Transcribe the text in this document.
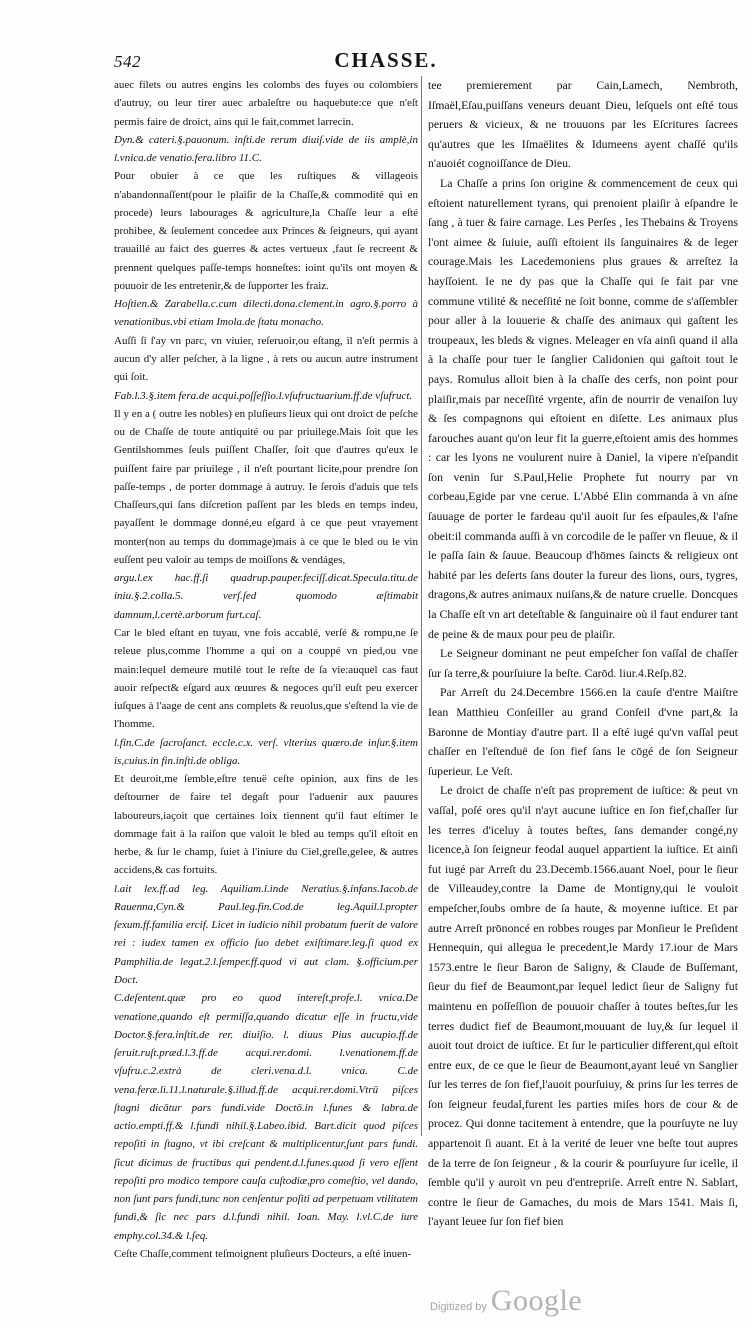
542	CHASSE.

auec filets ou autres engins les colombs des fuyes ou colombiers d'autruy, ou leur tirer auec arbaleſtre ou haquebute:ce que n'eſt permis faire de droict, ains qui le fait,commet larrecin.

Dyn.& cateri.§.pauonum. inſti.de rerum diuiſ.vide de iis amplè,in l.vnica.de venatio.fera.libro 11.C.

Pour obuier à ce que les ruſtiques & villageois n'abandonnaſſent(pour le plaiſir de la Chaſſe,& commodité qui en procede) leurs labourages & agriculture,la Chaſſe leur a eſté prohibee, & ſeulement concedee aux Princes & ſeigneurs, qui ayant trauaillé au faict des guerres & actes vertueux ,faut ſe recreent & prennent quelques paſſe-temps honneſtes: ioint qu'ils ont moyen & pouuoir de les entretenir,& de ſupporter les fraiz.

Hoſtien.& Zarabella.c.cum dilecti.dona.clement.in agro.§.porro à venationibus.vbi etiam Imola.de ſtatu monacho.

Auſſi ſi ſ'ay vn parc, vn viuier, reſeruoir,ou eſtang, il n'eſt permis à aucun d'y aller peſcher, à la ligne , à rets ou aucun autre instrument qui ſoit.

Fab.l.3.§.item fera.de acqui.poſſeſſio.l.vſufructuarium.ff.de vſufruct.

Il y en a ( outre les nobles) en pluſieurs lieux qui ont droict de peſche ou de Chaſſe de toute antiquité ou par priuilege.Mais ſoit que les Gentilshommes ſeuls puiſſent Chaſſer, ſoit que d'autres qu'eux le puiſſent faire par priuilege , il n'eſt pourtant licite,pour prendre ſon paſſe-temps , de porter dommage à autruy. Ie ſerois d'aduis que tels Chaſſeurs,qui ſans diſcretion paſſent par les bleds en temps indeu, payaſſent le dommage donné,eu eſgard à ce que peut vrayement monter(non au temps du dommage)mais à ce que le bled ou le vin euſſent peu valoir au temps de moiſſons & vendáges,

argu.l.ex hac.ff.ſi quadrup.pauper.feciſſ.dicat.Specula.titu.de iniu.§.2.colla.5. verſ.ſed quomodo æſtimabit damnum,l.certè.arborum furt.caſ.

Car le bled eſtant en tuyau, vne fois accablé, verſé & rompu,ne ſe releue plus,comme l'homme a qui on a couppé vn pied,ou vne main:lequel demeure mutilé tout le reſte de ſa vie:auquel cas faut auoir reſpect& eſgard aux œuures & negoces qu'il euſt peu exercer iuſques à l'aage de cent ans complets & reuolus,que s'eſtend la vie de l'homme.

l.fin.C.de ſacroſanct. eccle.c.x. verſ. vlterius quæro.de inſur.§.item is,cuius.in fin.inſti.de obliga.

Et deuroit,me ſemble,eſtre tenuë ceſte opinion, aux fins de les deſtourner de faire tel degaſt pour l'aduenir aux pauures laboureurs,iaçoit que certaines loix tiennent qu'il faut eſtimer le dommage fait à la raiſon que valoit le bled au temps qu'il eſtoit en herbe, & ſur le champ, ſuiet à l'iniure du Ciel,greſle,gelee, & autres accidens,& cas fortuits.

l.ait lex.ff.ad leg. Aquiliam.l.inde Neratius.§.infans.Iacob.de Rauenna,Cyn.& Paul.leg.fin.Cod.de leg.Aquil.l.propter ſexum.ff.familia ercif. Licet in iudicio nihil probatum fuerit de valore rei : iudex tamen ex officio ſuo debet exiſtimare.leg.ſi quod ex Pamphilia.de legat.2.l.ſemper.ff.quod vi aut clam. §.officium.per Doct.

C.deſentent.quæ pro eo quod intereſt,profe.l. vnica.De venatione,quando eſt permiſſa,quando dicatur eſſe in fructu,vide Doctor.§.fera.inſtit.de rer. diuiſio. l. diuus Pius aucupio.ff.de ſeruit.ruſt.præd.l.3.ff.de acqui.rer.domi. l.venationem.ff.de vſufru.c.2.extrà de cleri.vena.d.l. vnica. C.de vena.feræ.li.11.l.naturale.§.illud.ff.de acqui.rer.domi.Vtrū piſces ſtagni dicātur pars fundi.vide Doctō.in l.funes & labra.de actio.empti.ff.& l.fundi nihil.§.Labeo.ibid. Bart.dicit quod piſces repoſiti in ſtagno, vt ibi creſcant & multiplicentur,ſunt pars fundi. ſicut dicimus de fructibus qui pendent.d.l.funes.quod ſi vero eſſent repoſiti pro modico tempore cauſa cuſtodiæ,pro comeſtio, vel dando, non ſunt pars fundi,tunc non cenſentur poſiti ad perpetuam vtilitatem fundi,& ſic nec pars d.l.fundi nihil. Ioan. May. l.vl.C.de iure emphy.col.34.& l.ſeq.

Ceſte Chaſſe,comment teſmoignent pluſieurs Docteurs, a eſté inuen-

tee premierement par Cain,Lamech, Nembroth, Iſmaël,Eſau,puiſſans veneurs deuant Dieu, leſquels ont eſté tous peruers & vicieux, & ne trouuons par les Eſcritures ſacrees qu'autres que les Iſmaëlites & Idumeens ayent chaſſé qu'ils n'auoiét cognoiſſance de Dieu.

La Chaſſe a prins ſon origine & commencement de ceux qui eſtoient naturellement tyrans, qui prenoient plaiſir à eſpandre le ſang , à tuer & faire carnage. Les Perſes , les Thebains & Troyens l'ont aimee & ſuiuie, auſſi eſtoient ils ſanguinaires & de leger courage.Mais les Lacedemoniens plus graues & arreſtez la hayſſoient. Ie ne dy pas que la Chaſſe qui ſe fait par vne commune vtilité & neceſſité ne ſoit bonne, comme de s'aſſembler pour aller à la louuerie & chaſſe des animaux qui gaſtent les troupeaux, les bleds & vignes. Meleager en vſa ainſi quand il alla à la chaſſe pour tuer le ſanglier Calidonien qui gaſtoit tout le pays. Romulus alloit bien à la chaſſe des cerfs, non point pour plaiſir,mais par neceſſité vrgente, afin de nourrir de venaiſon luy & ſes compagnons qui eſtoient en diſette. Les animaux plus farouches auant qu'on leur fit la guerre,eſtoient amis des hommes : car les lyons ne voulurent nuire à Daniel, la vipere n'eſpandit ſon venin ſur S.Paul,Helie Prophete fut nourry par vn corbeau,Egide par vne cerue. L'Abbé Elin commanda à vn aſne ſauuage de porter le fardeau qu'il auoit ſur ſes eſpaules,& l'aſne obeit:il commanda auſſi à vn corcodile de le paſſer vn fleuue, & il le paſſa ſain & ſauue. Beaucoup d'hōmes ſaincts & religieux ont habité par les deſerts ſans douter la fureur des lions, ours, tygres, dragons,& autres animaux nuiſans,& de nature cruelle. Doncques la Chaſſe eſt vn art deteſtable & ſanguinaire où il faut endurer tant de peine & de maux pour peu de plaiſir.

Le Seigneur dominant ne peut empeſcher ſon vaſſal de chaſſer ſur ſa terre,& pourſuiure la beſte. Carōd. liur.4.Reſp.82.

Par Arreſt du 24.Decembre 1566.en la cauſe d'entre Maiſtre Iean Matthieu Conſeiller au grand Conſeil d'vne part,& la Baronne de Montiay d'autre part. Il a eſté iugé qu'vn vaſſal peut chaſſer en l'eſtenduë de ſon fief ſans le cōgé de ſon Seigneur ſuperieur. Le Veſt.

Le droict de chaſſe n'eſt pas proprement de iuſtice: & peut vn vaſſal, poſé ores qu'il n'ayt aucune iuſtice en ſon fief,chaſſer ſur les terres d'iceluy à toutes beſtes, ſans demander congé,ny licence,à ſon ſeigneur feodal auquel appartient la iuſtice. Et ainſi fut iugé par Arreſt du 23.Decemb.1566.auant Noel, pour le ſieur de Villeaudey,contre la Dame de Montigny,qui le vouloit empeſcher,ſoubs ombre de ſa haute, & moyenne iuſtice. Et par autre Arreſt prōnoncé en robbes rouges par Monſieur le Preſident Hennequin, qui allegua le precedent,le Mardy 17.iour de Mars 1573.entre le ſieur Baron de Saligny, & Claude de Buſſemant, ſieur du fief de Beaumont,par lequel ledict ſieur de Saligny fut maintenu en poſſeſſion de pouuoir chaſſer à toutes beſtes,ſur les terres dudict fief de Beaumont,mouuant de luy,& ſur lequel il auoit tout droict de iuſtice. Et ſur le particulier different,qui eſtoit entre eux, de ce que le ſieur de Beaumont,ayant leué vn Sanglier ſur les terres de ſon fief,l'auoit pourſuiuy, & prins ſur les terres de ſon ſeigneur feudal,furent les parties miſes hors de cour & de procez. Qui donne tacitement à entendre, que la pourſuyte ne luy appartenoit ſi auant. Et à la verité de leuer vne beſte tout aupres de la terre de ſon ſeigneur , & la courir & pourſuyure ſur icelle, il ſemble qu'il y auroit vn peu d'entrepriſe. Arreſt entre N. Sablart, contre le ſieur de Gamaches, du mois de Mars 1541. Mais ſi, l'ayant leuee ſur ſon fief bien

Digitized by Google
